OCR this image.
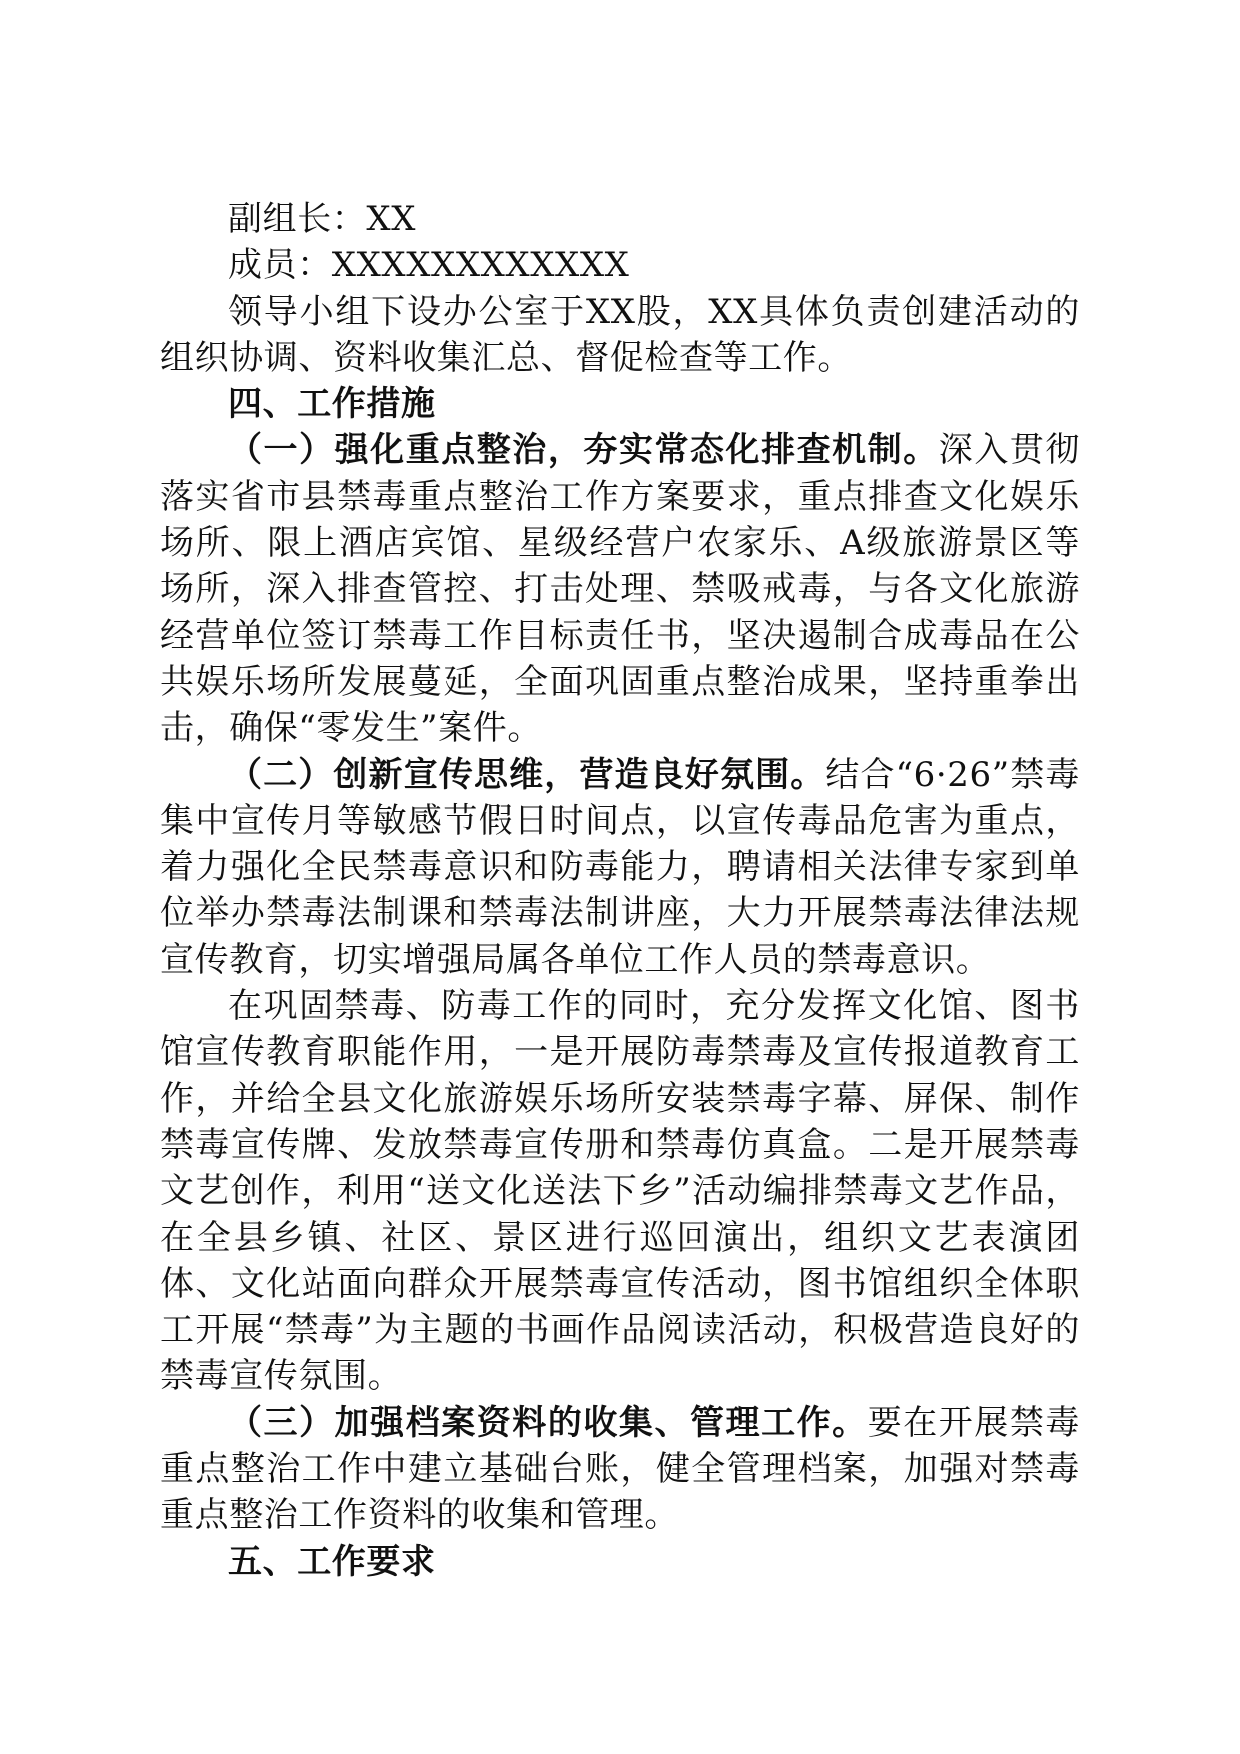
副组长：XX

成员：XXXXXXXXXXXX

领导小组下设办公室于XX股，XX具体负责创建活动的组织协调、资料收集汇总、督促检查等工作。

四、工作措施

（一）强化重点整治，夯实常态化排查机制。深入贯彻落实省市县禁毒重点整治工作方案要求，重点排查文化娱乐场所、限上酒店宾馆、星级经营户农家乐、A级旅游景区等场所，深入排查管控、打击处理、禁吸戒毒，与各文化旅游经营单位签订禁毒工作目标责任书，坚决遏制合成毒品在公共娱乐场所发展蔓延，全面巩固重点整治成果，坚持重拳出击，确保“零发生”案件。

（二）创新宣传思维，营造良好氛围。结合“6·26”禁毒集中宣传月等敏感节假日时间点，以宣传毒品危害为重点，着力强化全民禁毒意识和防毒能力，聘请相关法律专家到单位举办禁毒法制课和禁毒法制讲座，大力开展禁毒法律法规宣传教育，切实增强局属各单位工作人员的禁毒意识。

在巩固禁毒、防毒工作的同时，充分发挥文化馆、图书馆宣传教育职能作用，一是开展防毒禁毒及宣传报道教育工作，并给全县文化旅游娱乐场所安装禁毒字幕、屏保、制作禁毒宣传牌、发放禁毒宣传册和禁毒仿真盒。二是开展禁毒文艺创作，利用“送文化送法下乡”活动编排禁毒文艺作品，在全县乡镇、社区、景区进行巡回演出，组织文艺表演团体、文化站面向群众开展禁毒宣传活动，图书馆组织全体职工开展“禁毒”为主题的书画作品阅读活动，积极营造良好的禁毒宣传氛围。

（三）加强档案资料的收集、管理工作。要在开展禁毒重点整治工作中建立基础台账，健全管理档案，加强对禁毒重点整治工作资料的收集和管理。

五、工作要求
